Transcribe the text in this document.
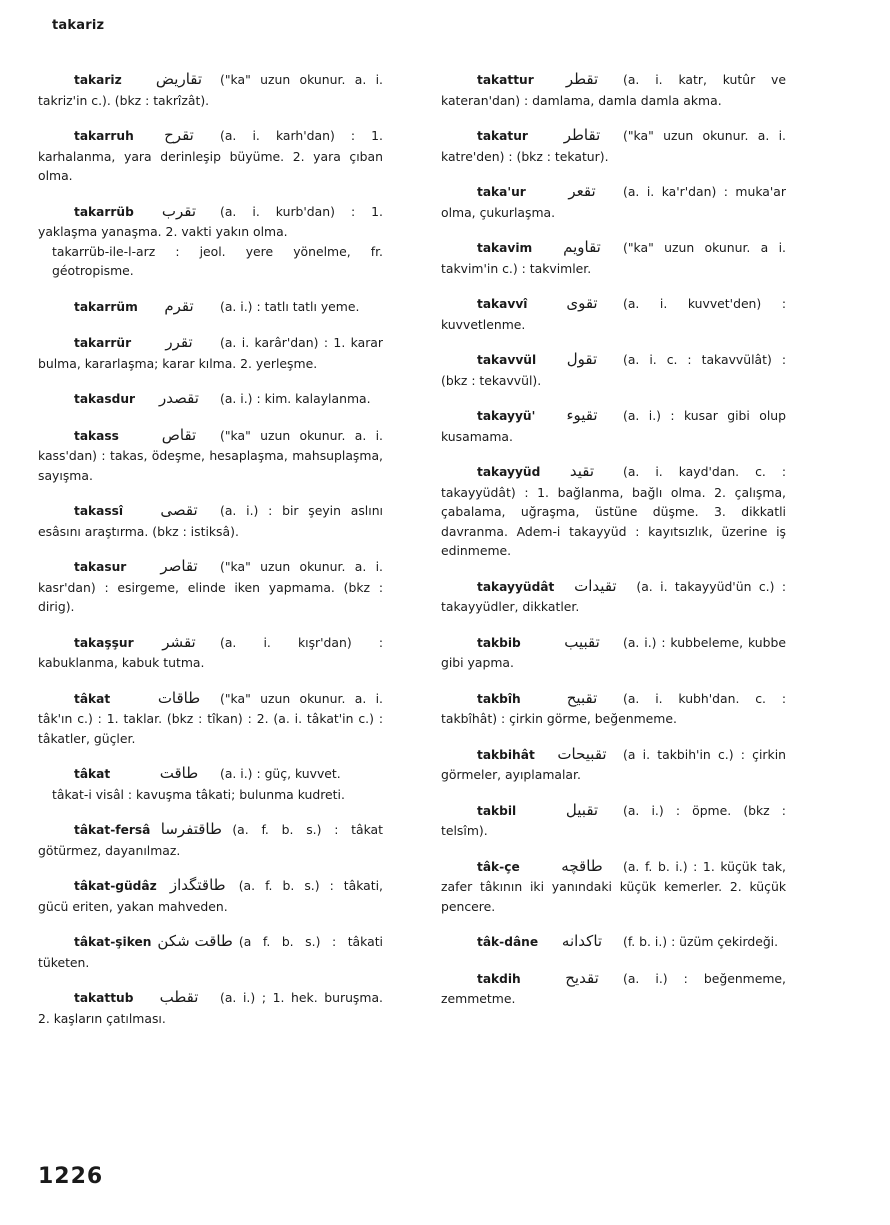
takariz
takariz تقاريض ("ka" uzun okunur. a. i. takriz'in c.). (bkz : takrîzât).
takarruh تقرح (a. i. karh'dan) : 1. karhalanma, yara derinleşip büyüme. 2. yara çıban olma.
takarrüb تقرب (a. i. kurb'dan) : 1. yaklaşma yanaşma. 2. vakti yakın olma.
takarrüb-ile-l-arz : jeol. yere yönelme, fr. géotropisme.
takarrüm تقرم (a. i.) : tatlı tatlı yeme.
takarrür تقرر (a. i. karâr'dan) : 1. karar bulma, kararlaşma; karar kılma. 2. yerleşme.
takasdur تقصدر (a. i.) : kim. kalaylanma.
takass	تقاص ("ka" uzun okunur. a. i. kass'dan) : takas, ödeşme, hesaplaşma, mahsuplaşma, sayışma.
takassî تقصى (a. i.) : bir şeyin aslını esâsını araştırma. (bkz : istiksâ).
takasur تقاصر ("ka" uzun okunur. a. i. kasr'dan) : esirgeme, elinde iken yapmama. (bkz : dirig).
takaşşur تقشر (a. i. kışr'dan) : kabuklanma, kabuk tutma.
tâkat	طاقات ("ka" uzun okunur. a. i. tâk'ın c.) : 1. taklar. (bkz : tîkan) : 2. (a. i. tâkat'in c.) : tâkatler, güçler.
tâkat	طاقت (a. i.) : güç, kuvvet.
tâkat-i visâl : kavuşma tâkati; bulunma kudreti.
tâkat-fersâ طاقتفرسا (a. f. b. s.) : tâkat götürmez, dayanılmaz.
tâkat-güdâz طاقتگداز (a. f. b. s.) : tâkati, gücü eriten, yakan mahveden.
tâkat-şiken طاقت شكن (a f. b. s.) : tâkati tüketen.
takattub تقطب (a. i.) ; 1. hek. buruşma. 2. kaşların çatılması.
takattur تقطر (a. i. katr, kutûr ve kateran'dan) : damlama, damla damla akma.
takatur تقاطر ("ka" uzun okunur. a. i. katre'den) : (bkz : tekatur).
taka'ur	تقعر (a. i. ka'r'dan) : muka'ar olma, çukurlaşma.
takavim تقاويم ("ka" uzun okunur. a i. takvim'in c.) : takvimler.
takavvî	تقوى (a. i. kuvvet'den) : kuvvetlenme.
takavvül تقول (a. i. c. : takavvülât) : (bkz : tekavvül).
takayyü' تقيوء (a. i.) : kusar gibi olup kusamama.
takayyüd تقيد (a. i. kayd'dan. c. : takayyüdât) : 1. bağlanma, bağlı olma. 2. çalışma, çabalama, uğraşma, üstüne düşme. 3. dikkatli davranma. Adem-i takayyüd : kayıtsızlık, üzerine iş edinmeme.
takayyüdât تقيدات (a. i. takayyüd'ün c.) : takayyüdler, dikkatler.
takbib	تقبيب (a. i.) : kubbeleme, kubbe gibi yapma.
takbîh	تقبيح (a. i. kubh'dan. c. : takbîhât) : çirkin görme, beğenmeme.
takbihât تقبيحات (a i. takbih'in c.) : çirkin görmeler, ayıplamalar.
takbil	تقبيل (a. i.) : öpme. (bkz : telsîm).
tâk-çe	طاقچه (a. f. b. i.) : 1. küçük tak, zafer tâkının iki yanındaki küçük kemerler. 2. küçük pencere.
tâk-dâne تاكدانه (f. b. i.) : üzüm çekirdeği.
takdih	تقديح (a. i.) : beğenmeme, zemmetme.
1226
